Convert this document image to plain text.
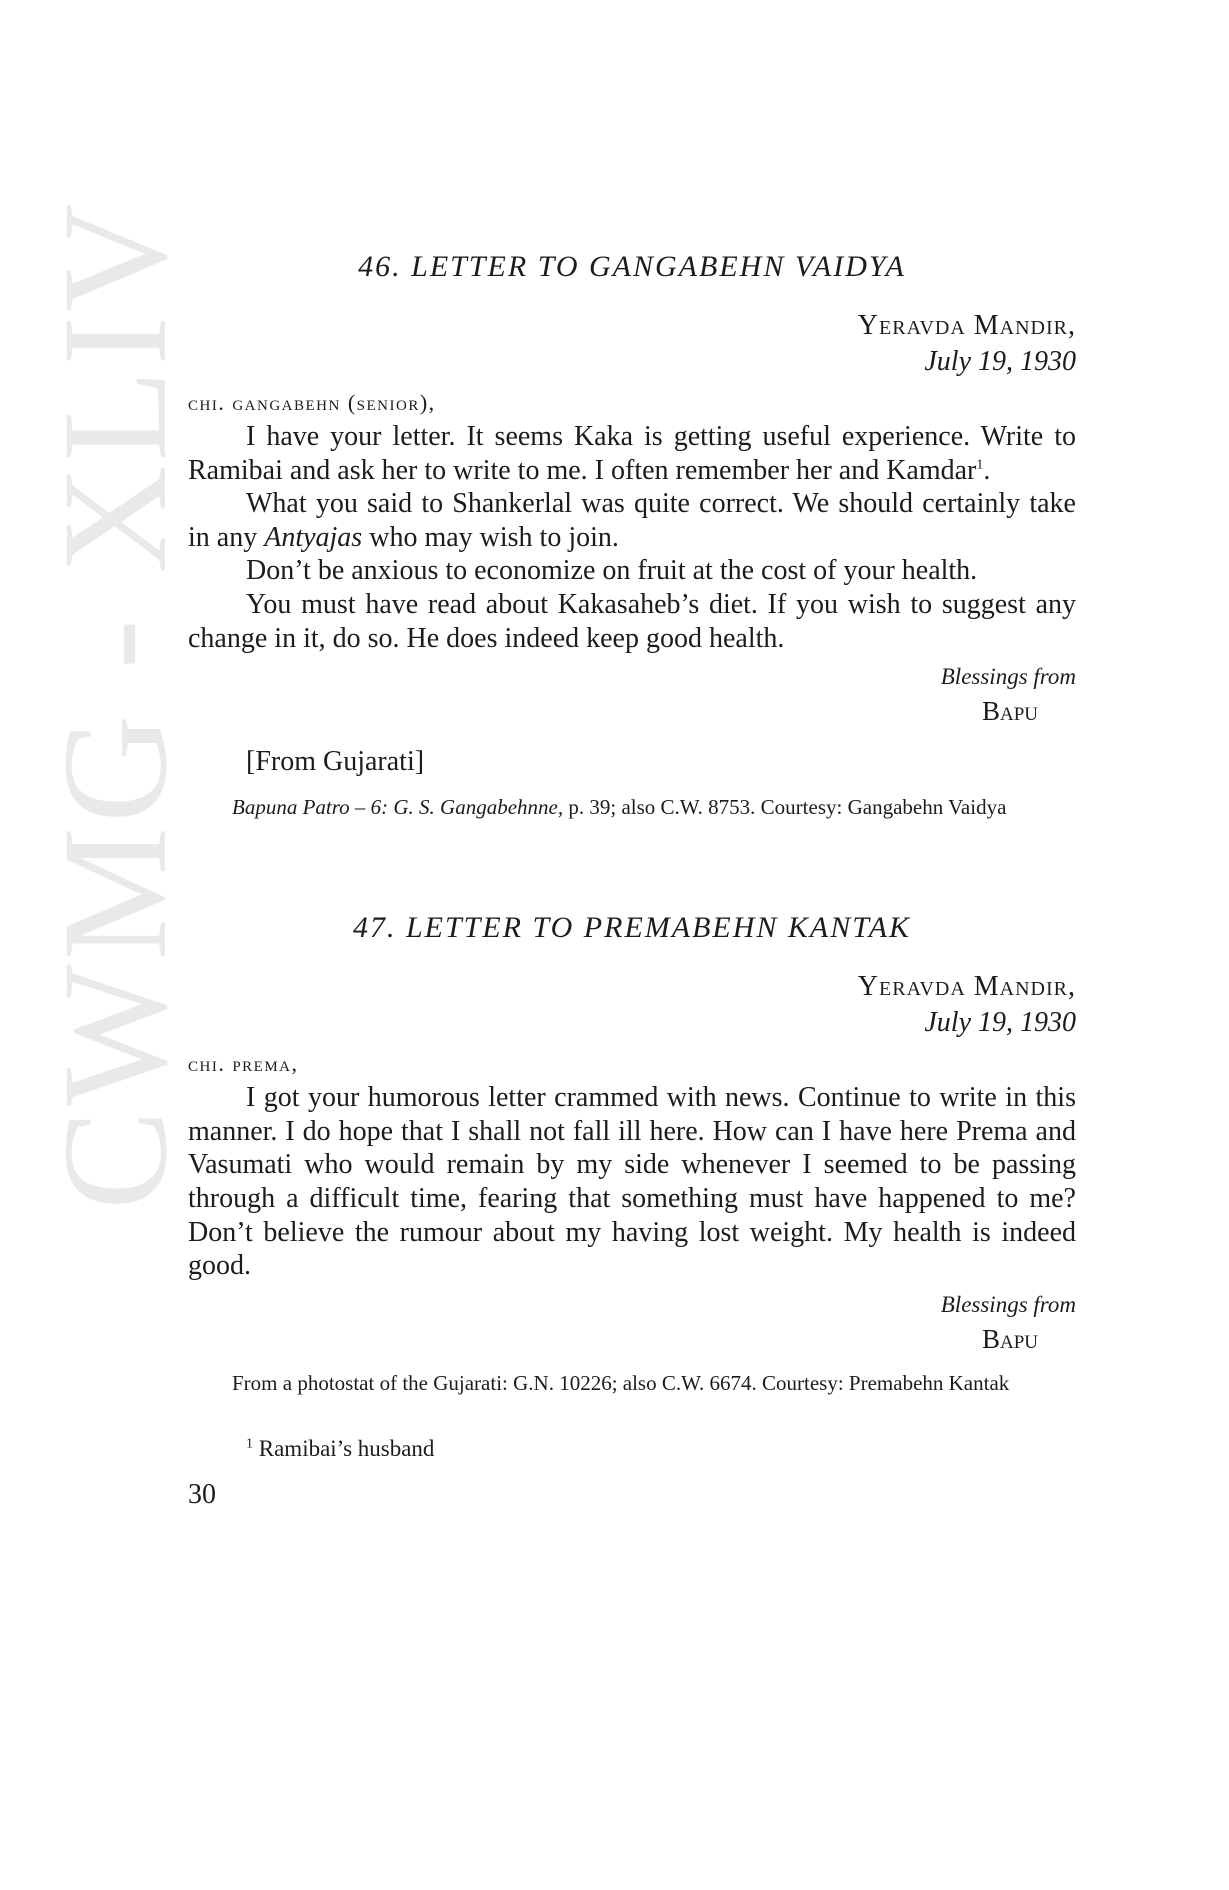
CWMG - XLIV	46. LETTER TO GANGABEHN VAIDYA
Yeravda Mandir,
July 19, 1930
chi. gangabehn (senior),

I have your letter. It seems Kaka is getting useful experience. Write to Ramibai and ask her to write to me. I often remember her and Kamdar$^1$.

What you said to Shankerlal was quite correct. We should certainly take in any Antyajas who may wish to join.

Don’t be anxious to economize on fruit at the cost of your health.

You must have read about Kakasaheb’s diet. If you wish to suggest any change in it, do so. He does indeed keep good health.

Blessings from
Bapu
[From Gujarati]
Bapuna Patro – 6: G. S. Gangabehnne, p. 39; also C.W. 8753. Courtesy: Gangabehn Vaidya
47. LETTER TO PREMABEHN KANTAK
Yeravda Mandir,
July 19, 1930
chi. prema,

I got your humorous letter crammed with news. Continue to write in this manner. I do hope that I shall not fall ill here. How can I have here Prema and Vasumati who would remain by my side whenever I seemed to be passing through a difficult time, fearing that something must have happened to me? Don’t believe the rumour about my having lost weight. My health is indeed good.

Blessings from
Bapu
From a photostat of the Gujarati: G.N. 10226; also C.W. 6674. Courtesy: Premabehn Kantak
$^1$ Ramibai’s husband
30
